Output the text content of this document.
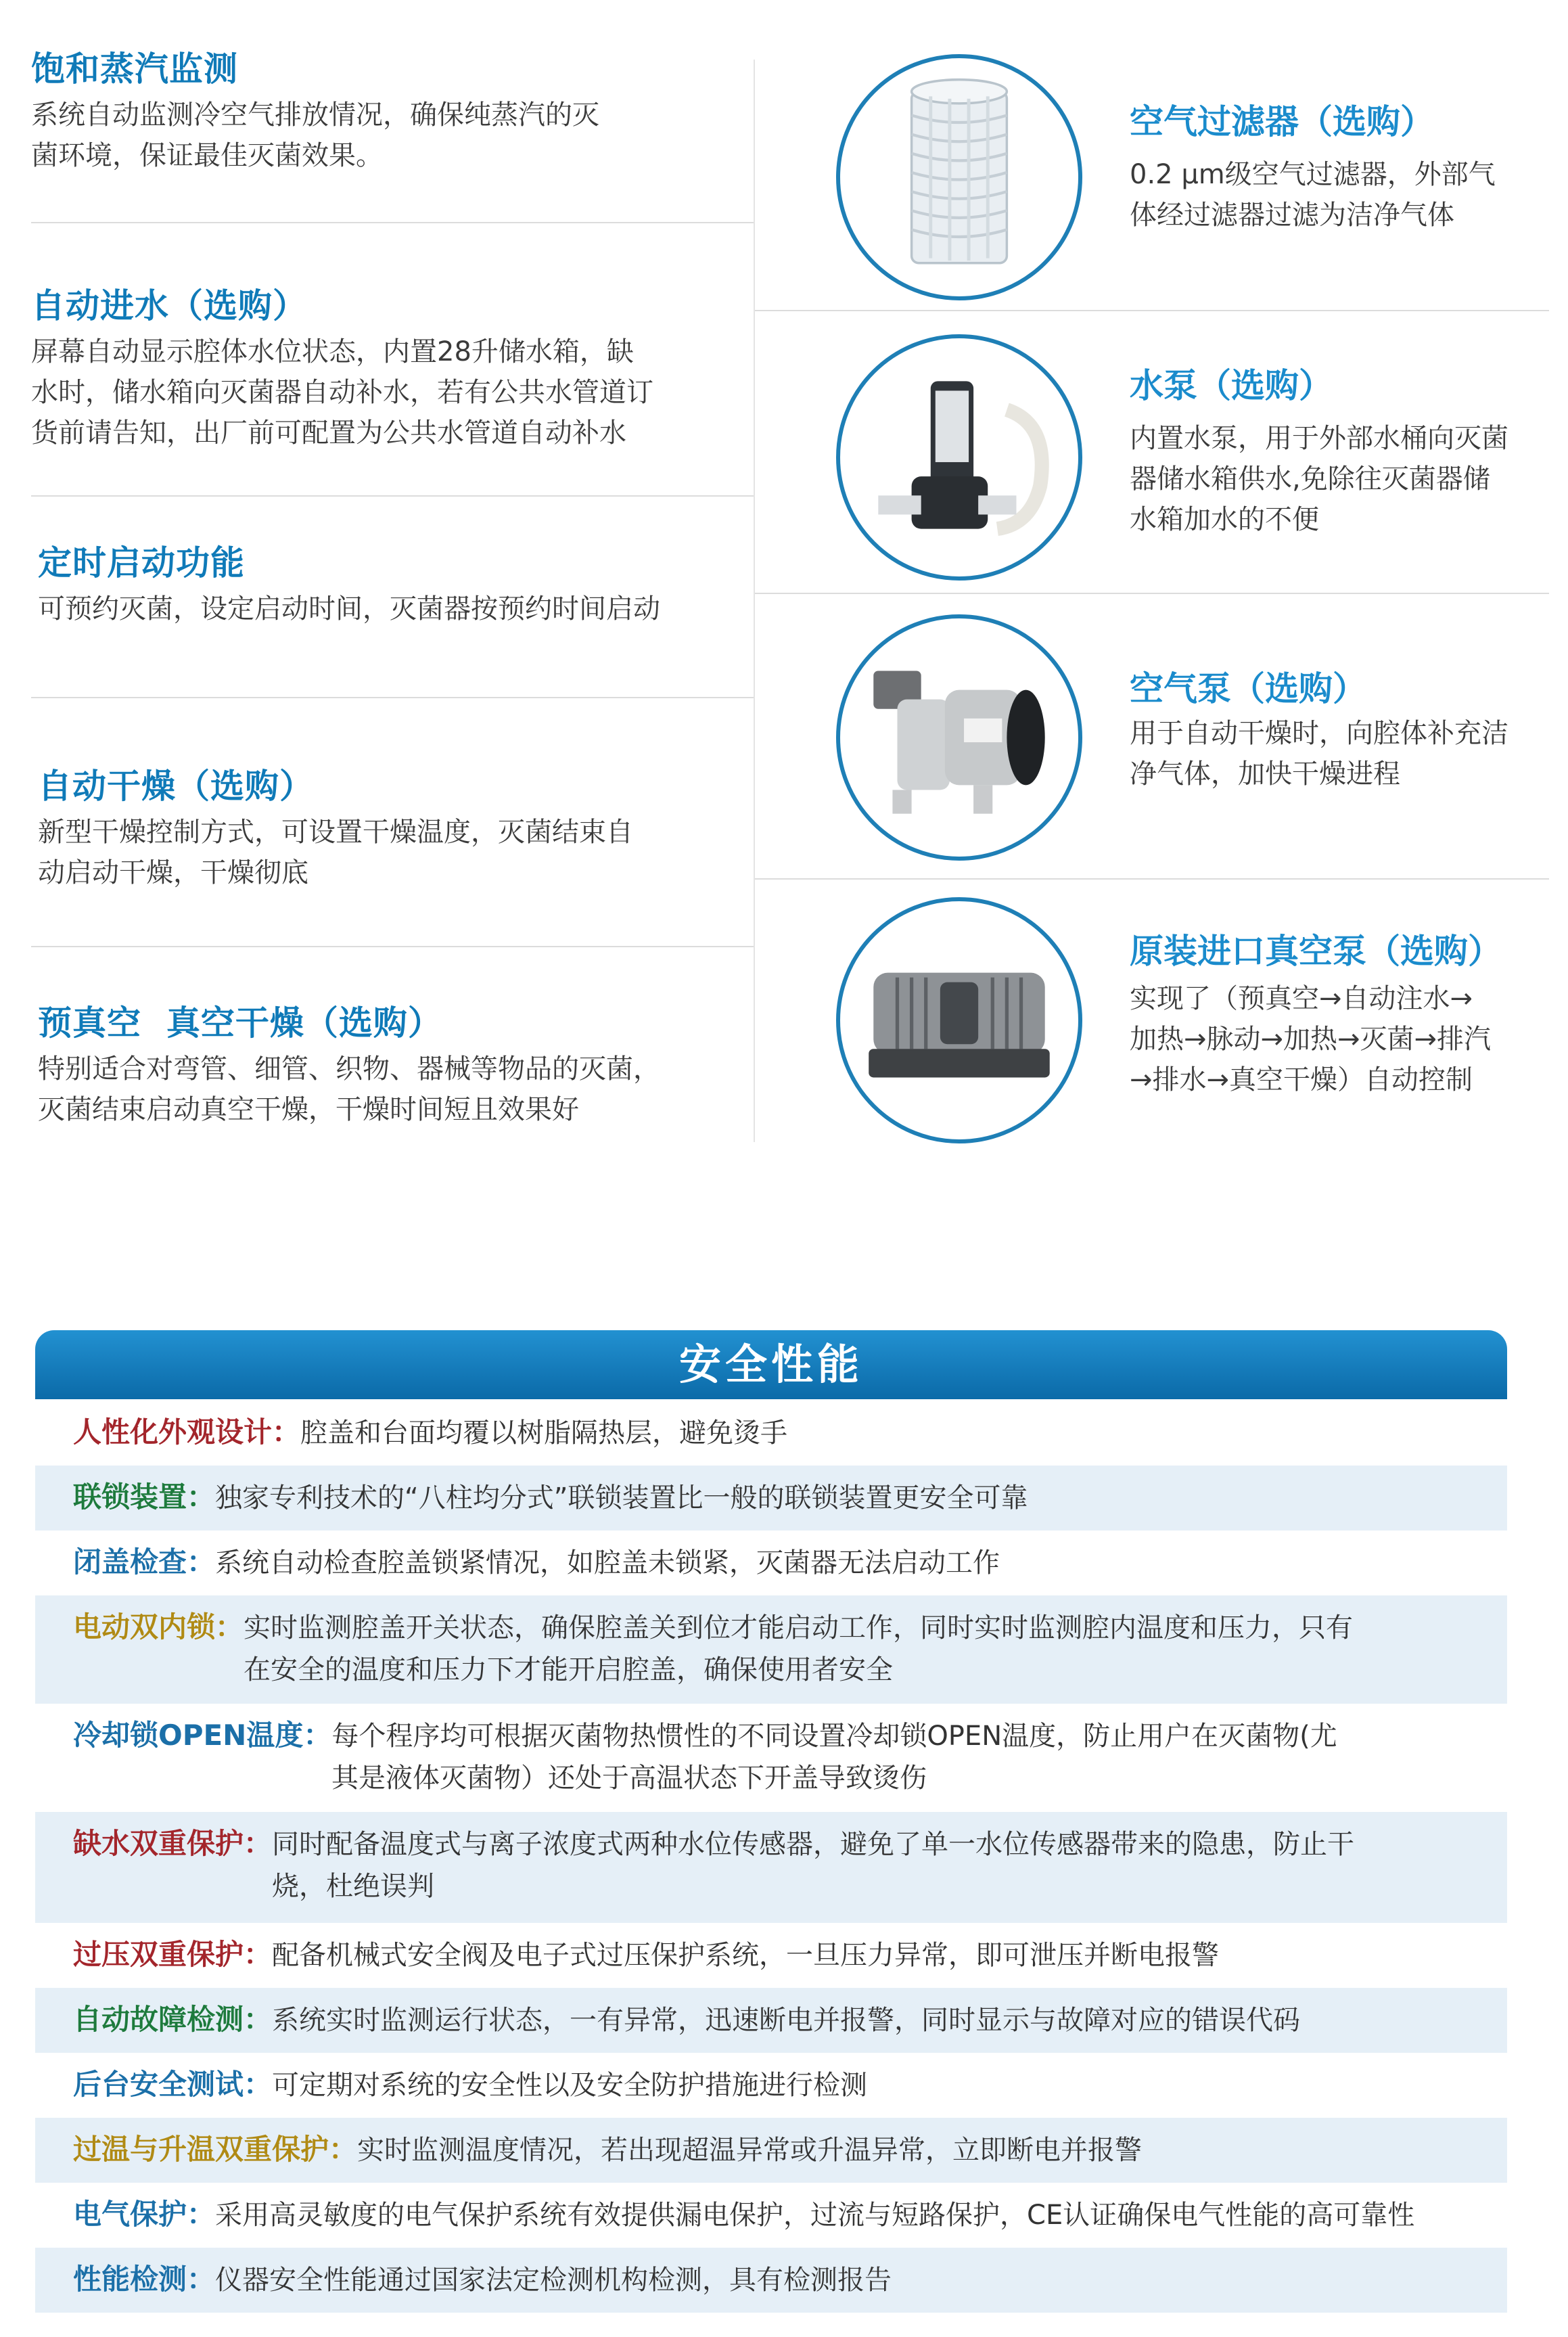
饱和蒸汽监测
系统自动监测冷空气排放情况，确保纯蒸汽的灭
菌环境，保证最佳灭菌效果。
自动进水（选购）
屏幕自动显示腔体水位状态，内置28升储水箱，缺
水时，储水箱向灭菌器自动补水，若有公共水管道订
货前请告知，出厂前可配置为公共水管道自动补水
定时启动功能
可预约灭菌，设定启动时间，灭菌器按预约时间启动
自动干燥（选购）
新型干燥控制方式，可设置干燥温度，灭菌结束自
动启动干燥，干燥彻底
预真空  真空干燥（选购）
特别适合对弯管、细管、织物、器械等物品的灭菌，
灭菌结束启动真空干燥，干燥时间短且效果好
空气过滤器（选购）
0.2 μm级空气过滤器，外部气
体经过滤器过滤为洁净气体
水泵（选购）
内置水泵，用于外部水桶向灭菌
器储水箱供水,免除往灭菌器储
水箱加水的不便
空气泵（选购）
用于自动干燥时，向腔体补充洁
净气体，加快干燥进程
原装进口真空泵（选购）
实现了（预真空→自动注水→
加热→脉动→加热→灭菌→排汽
→排水→真空干燥）自动控制
安全性能
人性化外观设计：腔盖和台面均覆以树脂隔热层，避免烫手
联锁装置：独家专利技术的“八柱均分式”联锁装置比一般的联锁装置更安全可靠
闭盖检查：系统自动检查腔盖锁紧情况，如腔盖未锁紧，灭菌器无法启动工作
电动双内锁：实时监测腔盖开关状态，确保腔盖关到位才能启动工作，同时实时监测腔内温度和压力，只有
在安全的温度和压力下才能开启腔盖，确保使用者安全
冷却锁OPEN温度：每个程序均可根据灭菌物热惯性的不同设置冷却锁OPEN温度，防止用户在灭菌物(尤
其是液体灭菌物）还处于高温状态下开盖导致烫伤
缺水双重保护：同时配备温度式与离子浓度式两种水位传感器，避免了单一水位传感器带来的隐患，防止干
烧，杜绝误判
过压双重保护：配备机械式安全阀及电子式过压保护系统，一旦压力异常，即可泄压并断电报警
自动故障检测：系统实时监测运行状态，一有异常，迅速断电并报警，同时显示与故障对应的错误代码
后台安全测试：可定期对系统的安全性以及安全防护措施进行检测
过温与升温双重保护：实时监测温度情况，若出现超温异常或升温异常，立即断电并报警
电气保护：采用高灵敏度的电气保护系统有效提供漏电保护，过流与短路保护，CE认证确保电气性能的高可靠性
性能检测：仪器安全性能通过国家法定检测机构检测，具有检测报告
